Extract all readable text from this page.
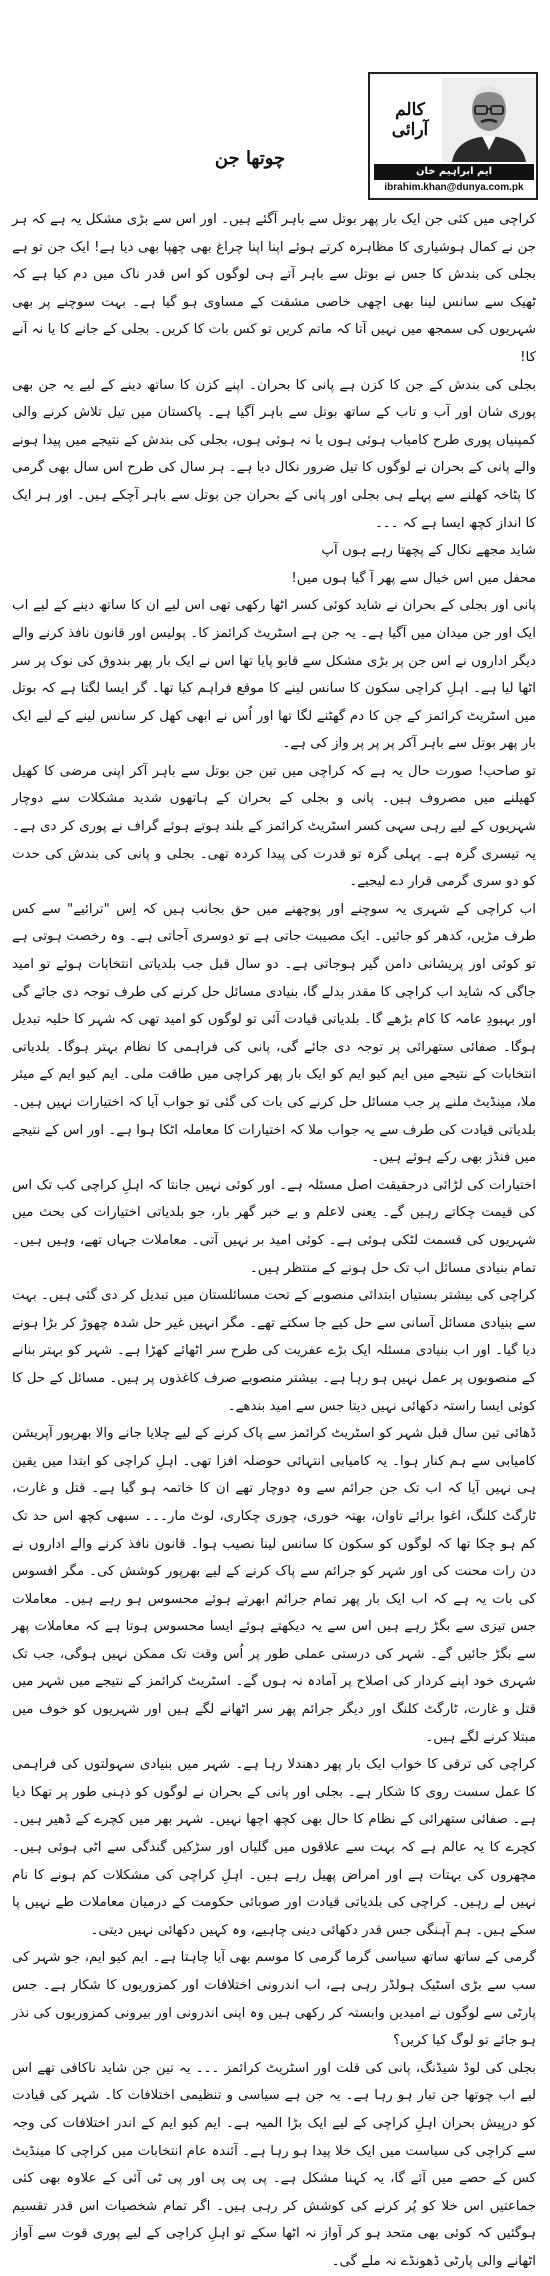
کالم آرائی
ایم ابراہیم خان
ibrahim.khan@dunya.com.pk
چوتھا جن

کراچی میں کئی جن ایک بار پھر بوتل سے باہر آگئے ہیں۔ اور اس سے بڑی مشکل یہ ہے کہ ہر جن نے کمال ہوشیاری کا مظاہرہ کرتے ہوئے اپنا اپنا چراغ بھی چھپا بھی دیا ہے! ایک جن تو ہے بجلی کی بندش کا جس نے بوتل سے باہر آتے ہی لوگوں کو اس قدر ناک میں دم کیا ہے کہ ٹھیک سے سانس لینا بھی اچھی خاصی مشقت کے مساوی ہو گیا ہے۔ بہت سوچنے پر بھی شہریوں کی سمجھ میں نہیں آتا کہ ماتم کریں تو کس بات کا کریں۔ بجلی کے جانے کا یا نہ آنے کا!

بجلی کی بندش کے جن کا کزن ہے پانی کا بحران۔ اپنے کزن کا ساتھ دینے کے لیے یہ جن بھی پوری شان اور آب و تاب کے ساتھ بوتل سے باہر آگیا ہے۔ پاکستان میں تیل تلاش کرنے والی کمپنیاں پوری طرح کامیاب ہوئی ہوں یا نہ ہوئی ہوں، بجلی کی بندش کے نتیجے میں پیدا ہونے والے پانی کے بحران نے لوگوں کا تیل ضرور نکال دیا ہے۔ ہر سال کی طرح اس سال بھی گرمی کا پٹاخہ کھلنے سے پہلے ہی بجلی اور پانی کے بحران جن بوتل سے باہر آچکے ہیں۔ اور ہر ایک کا انداز کچھ ایسا ہے کہ ۔۔۔

شاید مجھے نکال کے پچھتا رہے ہوں آپ

محفل میں اس خیال سے پھر آ گیا ہوں میں!

پانی اور بجلی کے بحران نے شاید کوئی کسر اٹھا رکھی تھی اس لیے ان کا ساتھ دینے کے لیے اب ایک اور جن میدان میں آگیا ہے۔ یہ جن ہے اسٹریٹ کرائمز کا۔ پولیس اور قانون نافذ کرنے والے دیگر اداروں نے اس جن پر بڑی مشکل سے قابو پایا تھا اس نے ایک بار پھر بندوق کی نوک پر سر اٹھا لیا ہے۔ اہلِ کراچی سکون کا سانس لینے کا موقع فراہم کیا تھا۔ گر ایسا لگتا ہے کہ بوتل میں اسٹریٹ کرائمز کے جن کا دم گھٹنے لگا تھا اور اُس نے ابھی کھل کر سانس لینے کے لیے ایک بار پھر بوتل سے باہر آکر پر پر پر واز کی ہے۔

تو صاحب! صورت حال یہ ہے کہ کراچی میں تین جن بوتل سے باہر آکر اپنی مرضی کا کھیل کھیلنے میں مصروف ہیں۔ پانی و بجلی کے بحران کے ہاتھوں شدید مشکلات سے دوچار شہریوں کے لیے رہی سہی کسر اسٹریٹ کرائمز کے بلند ہوتے ہوئے گراف نے پوری کر دی ہے۔ یہ تیسری گرہ ہے۔ پہلی گرہ تو قدرت کی پیدا کردہ تھی۔ بجلی و پانی کی بندش کی حدت کو دو سری گرمی قرار دے لیجیے۔

اب کراچی کے شہری یہ سوچنے اور پوچھنے میں حق بجانب ہیں کہ اِس "ترائیے" سے کس طرف مڑیں، کدھر کو جائیں۔ ایک مصیبت جاتی ہے تو دوسری آجاتی ہے۔ وہ رخصت ہوتی ہے تو کوئی اور پریشانی دامن گیر ہوجاتی ہے۔ دو سال قبل جب بلدیاتی انتخابات ہوئے تو امید جاگی کہ شاید اب کراچی کا مقدر بدلے گا، بنیادی مسائل حل کرنے کی طرف توجہ دی جائے گی اور بہبودِ عامہ کا کام بڑھے گا۔ بلدیاتی قیادت آئی تو لوگوں کو امید تھی کہ شہر کا حلیہ تبدیل ہوگا۔ صفائی ستھرائی پر توجہ دی جائے گی، پانی کی فراہمی کا نظام بہتر ہوگا۔ بلدیاتی انتخابات کے نتیجے میں ایم کیو ایم کو ایک بار پھر کراچی میں طاقت ملی۔ ایم کیو ایم کے میئر ملا، مینڈیٹ ملنے پر جب مسائل حل کرنے کی بات کی گئی تو جواب آیا کہ اختیارات نہیں ہیں۔ بلدیاتی قیادت کی طرف سے یہ جواب ملا کہ اختیارات کا معاملہ اٹکا ہوا ہے۔ اور اس کے نتیجے میں فنڈز بھی رکے ہوئے ہیں۔

اختیارات کی لڑائی درحقیقت اصل مسئلہ ہے۔ اور کوئی نہیں جانتا کہ اہلِ کراچی کب تک اس کی قیمت چکاتے رہیں گے۔ یعنی لاعلم و بے خبر گھر بار، جو بلدیاتی اختیارات کی بحث میں شہریوں کی قسمت لٹکی ہوئی ہے۔ کوئی امید بر نہیں آتی۔ معاملات جہاں تھے، وہیں ہیں۔ تمام بنیادی مسائل اب تک حل ہونے کے منتظر ہیں۔

کراچی کی بیشتر بستیاں ابتدائی منصوبے کے تحت مسائلستان میں تبدیل کر دی گئی ہیں۔ بہت سے بنیادی مسائل آسانی سے حل کیے جا سکتے تھے۔ مگر انہیں غیر حل شدہ چھوڑ کر بڑا ہونے دیا گیا۔ اور اب بنیادی مسئلہ ایک بڑے عفریت کی طرح سر اٹھائے کھڑا ہے۔ شہر کو بہتر بنانے کے منصوبوں پر عمل نہیں ہو رہا ہے۔ بیشتر منصوبے صرف کاغذوں پر ہیں۔ مسائل کے حل کا کوئی ایسا راستہ دکھائی نہیں دیتا جس سے امید بندھے۔

ڈھائی تین سال قبل شہر کو اسٹریٹ کرائمز سے پاک کرنے کے لیے چلایا جانے والا بھرپور آپریشن کامیابی سے ہم کنار ہوا۔ یہ کامیابی انتہائی حوصلہ افزا تھی۔ اہلِ کراچی کو ابتدا میں یقین ہی نہیں آیا کہ اب تک جن جرائم سے وہ دوچار تھے ان کا خاتمہ ہو گیا ہے۔ قتل و غارت، ٹارگٹ کلنگ، اغوا برائے تاوان، بھتہ خوری، چوری چکاری، لوٹ مار۔۔۔ سبھی کچھ اس حد تک کم ہو چکا تھا کہ لوگوں کو سکون کا سانس لینا نصیب ہوا۔ قانون نافذ کرنے والے اداروں نے دن رات محنت کی اور شہر کو جرائم سے پاک کرنے کے لیے بھرپور کوشش کی۔ مگر افسوس کی بات یہ ہے کہ اب ایک بار پھر تمام جرائم ابھرتے ہوئے محسوس ہو رہے ہیں۔ معاملات جس تیزی سے بگڑ رہے ہیں اس سے یہ دیکھتے ہوئے ایسا محسوس ہوتا ہے کہ معاملات پھر سے بگڑ جائیں گے۔ شہر کی درستی عملی طور پر اُس وقت تک ممکن نہیں ہوگی، جب تک شہری خود اپنے کردار کی اصلاح پر آمادہ نہ ہوں گے۔ اسٹریٹ کرائمز کے نتیجے میں شہر میں قتل و غارت، ٹارگٹ کلنگ اور دیگر جرائم پھر سر اٹھانے لگے ہیں اور شہریوں کو خوف میں مبتلا کرنے لگے ہیں۔

کراچی کی ترقی کا خواب ایک بار پھر دھندلا رہا ہے۔ شہر میں بنیادی سہولتوں کی فراہمی کا عمل سست روی کا شکار ہے۔ بجلی اور پانی کے بحران نے لوگوں کو ذہنی طور پر تھکا دیا ہے۔ صفائی ستھرائی کے نظام کا حال بھی کچھ اچھا نہیں۔ شہر بھر میں کچرے کے ڈھیر ہیں۔ کچرے کا یہ عالم ہے کہ بہت سے علاقوں میں گلیاں اور سڑکیں گندگی سے اٹی ہوئی ہیں۔ مچھروں کی بہتات ہے اور امراض پھیل رہے ہیں۔ اہلِ کراچی کی مشکلات کم ہونے کا نام نہیں لے رہیں۔ کراچی کی بلدیاتی قیادت اور صوبائی حکومت کے درمیان معاملات طے نہیں پا سکے ہیں۔ ہم آہنگی جس قدر دکھائی دینی چاہیے، وہ کہیں دکھائی نہیں دیتی۔

گرمی کے ساتھ ساتھ سیاسی گرما گرمی کا موسم بھی آیا چاہتا ہے۔ ایم کیو ایم، جو شہر کی سب سے بڑی اسٹیک ہولڈر رہی ہے، اب اندرونی اختلافات اور کمزوریوں کا شکار ہے۔ جس پارٹی سے لوگوں نے امیدیں وابستہ کر رکھی ہیں وہ اپنی اندرونی اور بیرونی کمزوریوں کی نذر ہو جائے تو لوگ کیا کریں؟

بجلی کی لوڈ شیڈنگ، پانی کی قلت اور اسٹریٹ کرائمز ۔۔۔ یہ تین جن شاید ناکافی تھے اس لیے اب چوتھا جن تیار ہو رہا ہے۔ یہ جن ہے سیاسی و تنظیمی اختلافات کا۔ شہر کی قیادت کو درپیش بحران اہلِ کراچی کے لیے ایک بڑا المیہ ہے۔ ایم کیو ایم کے اندر اختلافات کی وجہ سے کراچی کی سیاست میں ایک خلا پیدا ہو رہا ہے۔ آئندہ عام انتخابات میں کراچی کا مینڈیٹ کس کے حصے میں آئے گا، یہ کہنا مشکل ہے۔ پی پی پی اور پی ٹی آئی کے علاوہ بھی کئی جماعتیں اس خلا کو پُر کرنے کی کوشش کر رہی ہیں۔ اگر تمام شخصیات اس قدر تقسیم ہوگئیں کہ کوئی بھی متحد ہو کر آواز نہ اٹھا سکے تو اہلِ کراچی کے لیے پوری قوت سے آواز اٹھانے والی پارٹی ڈھونڈے نہ ملے گی۔
